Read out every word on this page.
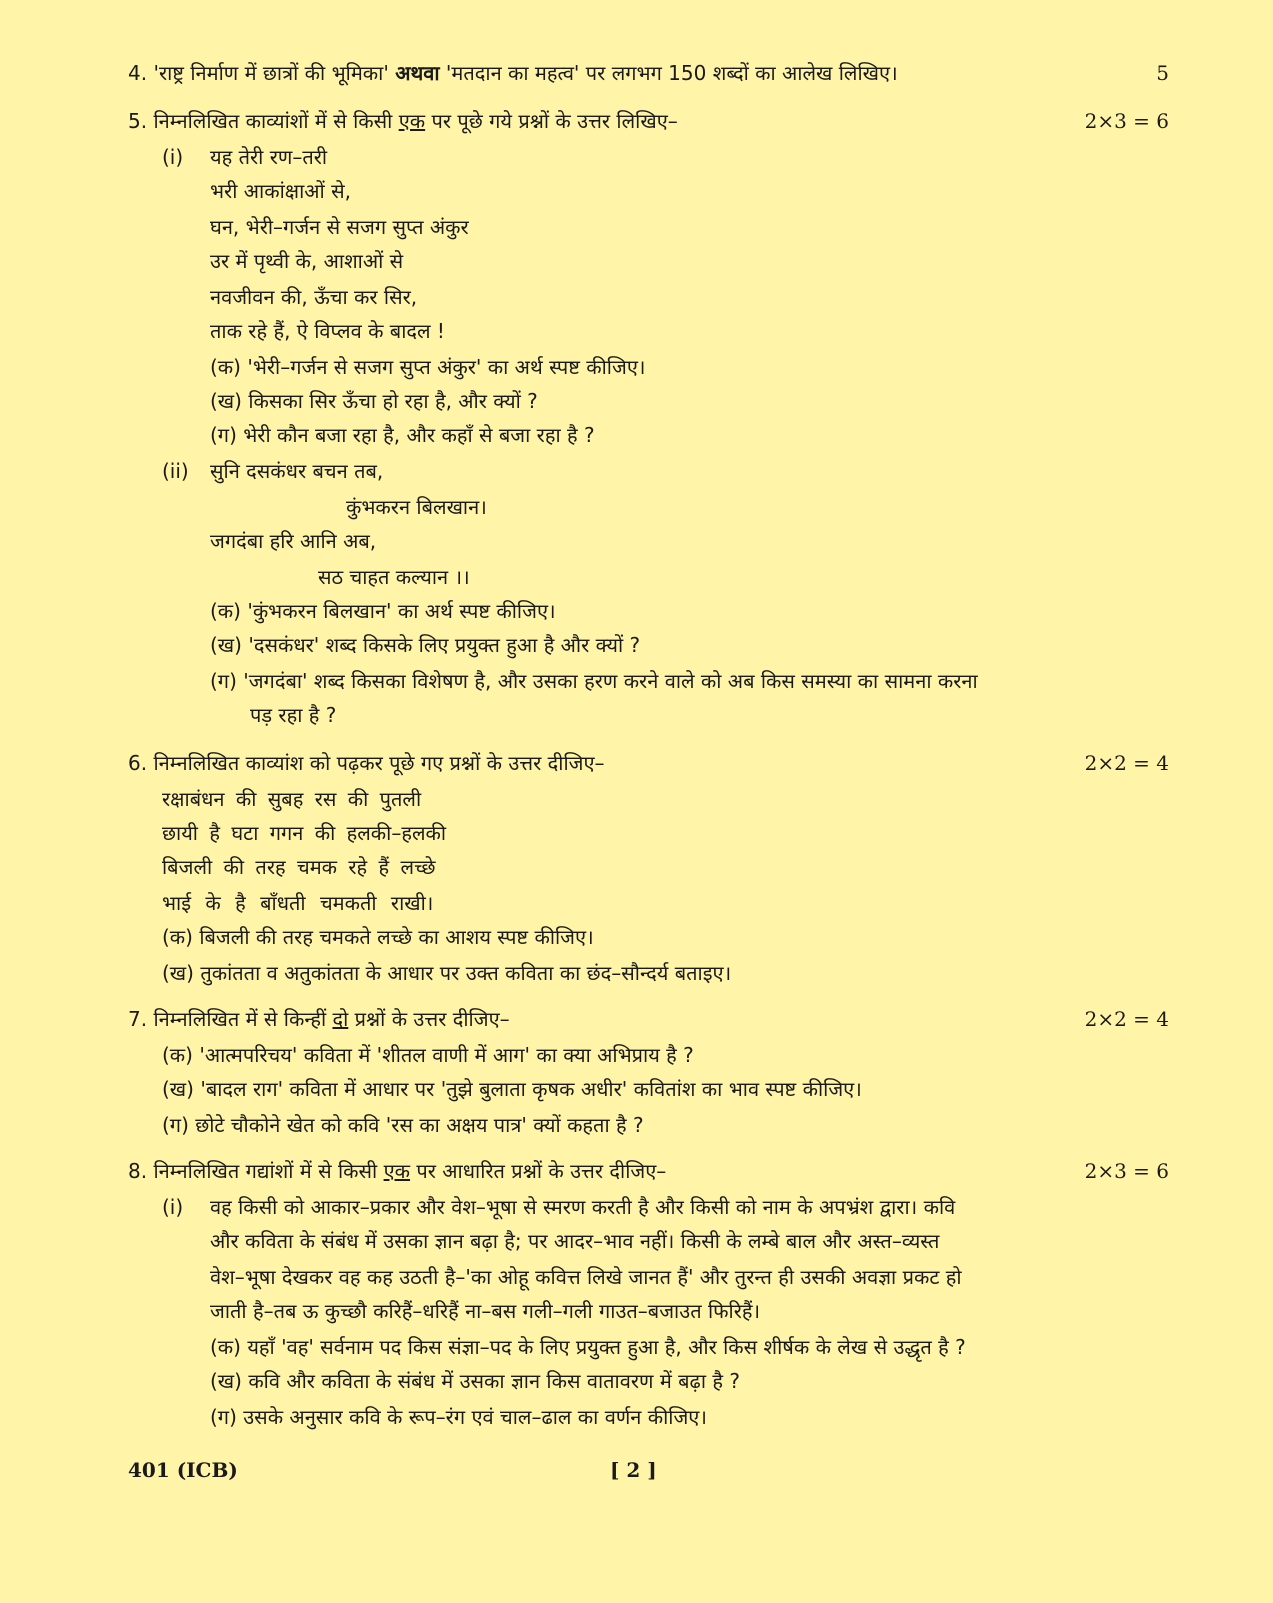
4. 'राष्ट्र निर्माण में छात्रों की भूमिका' अथवा 'मतदान का महत्व' पर लगभग 150 शब्दों का आलेख लिखिए।	5
5. निम्नलिखित काव्यांशों में से किसी एक पर पूछे गये प्रश्नों के उत्तर लिखिए–	2×3 = 6
(i) यह तेरी रण–तरी
भरी आकांक्षाओं से,
घन, भेरी–गर्जन से सजग सुप्त अंकुर
उर में पृथ्वी के, आशाओं से
नवजीवन की, ऊँचा कर सिर,
ताक रहे हैं, ऐ विप्लव के बादल !
(क) 'भेरी–गर्जन से सजग सुप्त अंकुर' का अर्थ स्पष्ट कीजिए।
(ख) किसका सिर ऊँचा हो रहा है, और क्यों ?
(ग) भेरी कौन बजा रहा है, और कहाँ से बजा रहा है ?
(ii) सुनि दसकंधर बचन तब,
कुंभकरन बिलखान।
जगदंबा हरि आनि अब,
सठ चाहत कल्यान ।।
(क) 'कुंभकरन बिलखान' का अर्थ स्पष्ट कीजिए।
(ख) 'दसकंधर' शब्द किसके लिए प्रयुक्त हुआ है और क्यों ?
(ग) 'जगदंबा' शब्द किसका विशेषण है, और उसका हरण करने वाले को अब किस समस्या का सामना करना
पड़ रहा है ?
6. निम्नलिखित काव्यांश को पढ़कर पूछे गए प्रश्नों के उत्तर दीजिए–	2×2 = 4
रक्षाबंधन की सुबह रस की पुतली
छायी है घटा गगन की हलकी–हलकी
बिजली की तरह चमक रहे हैं लच्छे
भाई के है बाँधती चमकती राखी।
(क) बिजली की तरह चमकते लच्छे का आशय स्पष्ट कीजिए।
(ख) तुकांतता व अतुकांतता के आधार पर उक्त कविता का छंद–सौन्दर्य बताइए।
7. निम्नलिखित में से किन्हीं दो प्रश्नों के उत्तर दीजिए–	2×2 = 4
(क) 'आत्मपरिचय' कविता में 'शीतल वाणी में आग' का क्या अभिप्राय है ?
(ख) 'बादल राग' कविता में आधार पर 'तुझे बुलाता कृषक अधीर' कवितांश का भाव स्पष्ट कीजिए।
(ग) छोटे चौकोने खेत को कवि 'रस का अक्षय पात्र' क्यों कहता है ?
8. निम्नलिखित गद्यांशों में से किसी एक पर आधारित प्रश्नों के उत्तर दीजिए–	2×3 = 6
(i) वह किसी को आकार–प्रकार और वेश–भूषा से स्मरण करती है और किसी को नाम के अपभ्रंश द्वारा। कवि
और कविता के संबंध में उसका ज्ञान बढ़ा है; पर आदर–भाव नहीं। किसी के लम्बे बाल और अस्त–व्यस्त
वेश–भूषा देखकर वह कह उठती है–'का ओहू कवित्त लिखे जानत हैं' और तुरन्त ही उसकी अवज्ञा प्रकट हो
जाती है–तब ऊ कुच्छौ करिहैं–धरिहैं ना–बस गली–गली गाउत–बजाउत फिरिहैं।
(क) यहाँ 'वह' सर्वनाम पद किस संज्ञा–पद के लिए प्रयुक्त हुआ है, और किस शीर्षक के लेख से उद्धृत है ?
(ख) कवि और कविता के संबंध में उसका ज्ञान किस वातावरण में बढ़ा है ?
(ग) उसके अनुसार कवि के रूप–रंग एवं चाल–ढाल का वर्णन कीजिए।
401 (ICB)	[ 2 ]
